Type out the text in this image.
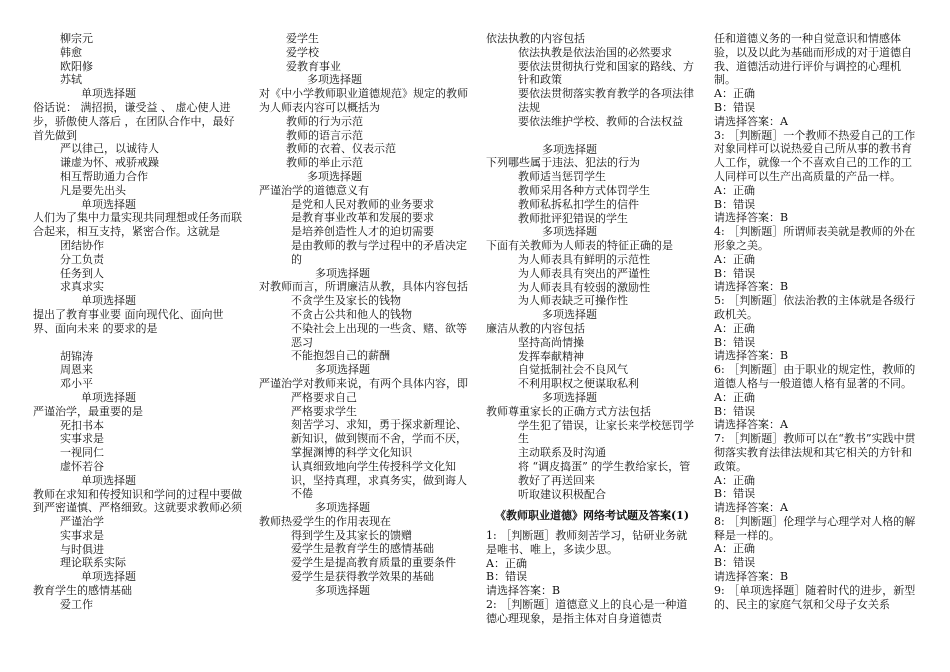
柳宗元
韩愈
欧阳修
苏轼
单项选择题
俗话说： 满招损，谦受益 、 虚心使人进步，骄傲使人落后 ，在团队合作中，最好首先做到
严以律己，以诚待人
谦虚为怀、戒骄戒躁
相互帮助通力合作
凡是要先出头
单项选择题
人们为了集中力量实现共同理想或任务而联合起来，相互支持，紧密合作。这就是
团结协作
分工负责
任务到人
求真求实
单项选择题
提出了教育事业要 面向现代化、面向世界、面向未来 的要求的是
胡锦涛
周恩来
邓小平
单项选择题
严谨治学，最重要的是
死扣书本
实事求是
一视同仁
虚怀若谷
单项选择题
教师在求知和传授知识和学问的过程中要做到严密谨慎、严格细致。这就要求教师必须
严谨治学
实事求是
与时俱进
理论联系实际
单项选择题
教育学生的感情基础
爱工作
爱学生
爱学校
爱教育事业
多项选择题
对《中小学教师职业道德规范》规定的教师为人师表内容可以概括为
教师的行为示范
教师的语言示范
教师的衣着、仪表示范
教师的举止示范
多项选择题
严谨治学的道德意义有
是党和人民对教师的业务要求
是教育事业改革和发展的要求
是培养创造性人才的迫切需要
是由教师的教与学过程中的矛盾决定的
多项选择题
对教师而言，所谓廉洁从教，具体内容包括
不贪学生及家长的钱物
不贪占公共和他人的钱物
不染社会上出现的一些贪、赌、欲等恶习
不能抱怨自己的薪酬
多项选择题
严谨治学对教师来说，有两个具体内容，即
严格要求自己
严格要求学生
刻苦学习、求知，勇于探求新理论、新知识，做到锲而不舍，学而不厌，掌握渊博的科学文化知识
认真细致地向学生传授科学文化知识，坚持真理，求真务实，做到诲人不倦
多项选择题
教师热爱学生的作用表现在
得到学生及其家长的馈赠
爱学生是教育学生的感情基础
爱学生是提高教育质量的重要条件
爱学生是获得教学效果的基础
多项选择题
依法执教的内容包括
依法执教是依法治国的必然要求
要依法贯彻执行党和国家的路线、方针和政策
要依法贯彻落实教育教学的各项法律法规
要依法维护学校、教师的合法权益
多项选择题
下列哪些属于违法、犯法的行为
教师适当惩罚学生
教师采用各种方式体罚学生
教师私拆私扣学生的信件
教师批评犯错误的学生
多项选择题
下面有关教师为人师表的特征正确的是
为人师表具有鲜明的示范性
为人师表具有突出的严谨性
为人师表具有较弱的激励性
为人师表缺乏可操作性
多项选择题
廉洁从教的内容包括
坚持高尚情操
发挥奉献精神
自觉抵制社会不良风气
不利用职权之便谋取私利
多项选择题
教师尊重家长的正确方式方法包括
学生犯了错误，让家长来学校惩罚学生
主动联系及时沟通
将 “调皮捣蛋” 的学生教给家长，管教好了再送回来
听取建议积极配合
《教师职业道德》网络考试题及答案(1)
1: ［判断题］教师刻苦学习，钻研业务就是唯书、唯上，多读少思。
A：正确
B：错误
请选择答案：B
2: ［判断题］道德意义上的良心是一种道德心理现象，是指主体对自身道德责
任和道德义务的一种自觉意识和情感体验，以及以此为基础而形成的对于道德自我、道德活动进行评价与调控的心理机制。
A：正确
B：错误
请选择答案：A
3: ［判断题］一个教师不热爱自己的工作对象同样可以说热爱自己所从事的教书育人工作，就像一个不喜欢自己的工作的工人同样可以生产出高质量的产品一样。
A：正确
B：错误
请选择答案：B
4: ［判断题］所谓师表美就是教师的外在形象之美。
A：正确
B：错误
请选择答案：B
5: ［判断题］依法治教的主体就是各级行政机关。
A：正确
B：错误
请选择答案：B
6: ［判断题］由于职业的规定性，教师的道德人格与一般道德人格有显著的不同。
A：正确
B：错误
请选择答案：A
7: ［判断题］教师可以在“教书”实践中贯彻落实教育法律法规和其它相关的方针和政策。
A：正确
B：错误
请选择答案：A
8: ［判断题］伦理学与心理学对人格的解释是一样的。
A：正确
B：错误
请选择答案：B
9: ［单项选择题］随着时代的进步，新型的、民主的家庭气氛和父母子女关系
